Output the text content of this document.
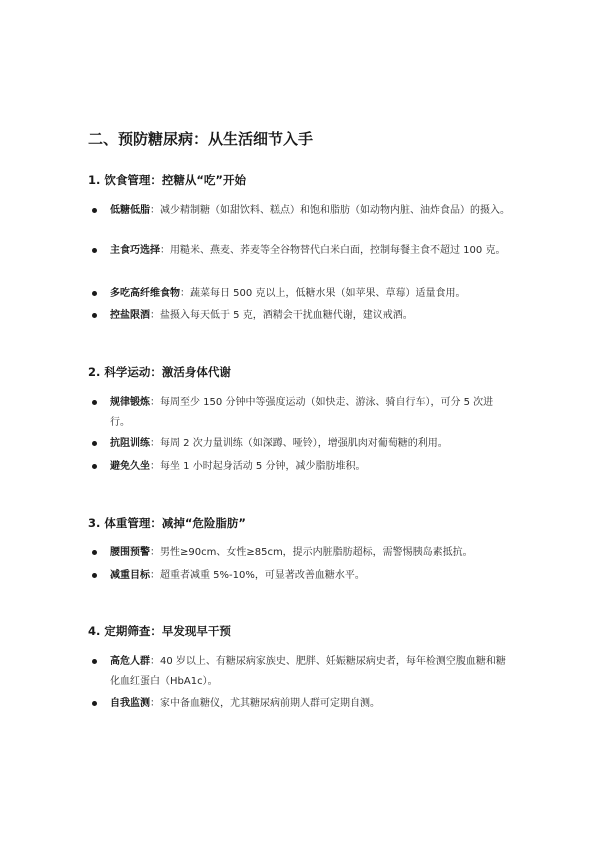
二、预防糖尿病：从生活细节入手
1. 饮食管理：控糖从“吃”开始
低糖低脂：减少精制糖（如甜饮料、糕点）和饱和脂肪（如动物内脏、油炸食品）的摄入。
主食巧选择：用糙米、燕麦、荞麦等全谷物替代白米白面，控制每餐主食不超过 100 克。
多吃高纤维食物：蔬菜每日 500 克以上，低糖水果（如苹果、草莓）适量食用。
控盐限酒：盐摄入每天低于 5 克，酒精会干扰血糖代谢，建议戒酒。
2. 科学运动：激活身体代谢
规律锻炼：每周至少 150 分钟中等强度运动（如快走、游泳、骑自行车），可分 5 次进行。
抗阻训练：每周 2 次力量训练（如深蹲、哑铃），增强肌肉对葡萄糖的利用。
避免久坐：每坐 1 小时起身活动 5 分钟，减少脂肪堆积。
3. 体重管理：减掉“危险脂肪”
腰围预警：男性≥90cm、女性≥85cm，提示内脏脂肪超标，需警惕胰岛素抵抗。
减重目标：超重者减重 5%-10%，可显著改善血糖水平。
4. 定期筛查：早发现早干预
高危人群：40 岁以上、有糖尿病家族史、肥胖、妊娠糖尿病史者，每年检测空腹血糖和糖化血红蛋白（HbA1c）。
自我监测：家中备血糖仪，尤其糖尿病前期人群可定期自测。
